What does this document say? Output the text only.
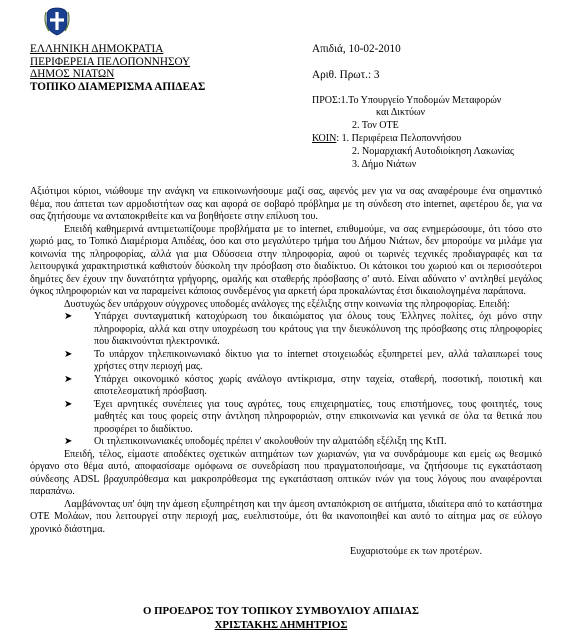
ΕΛΛΗΝΙΚΗ ΔΗΜΟΚΡΑΤΙΑ
ΠΕΡΙΦΕΡΕΙΑ ΠΕΛΟΠΟΝΝΗΣΟΥ
ΔΗΜΟΣ ΝΙΑΤΩΝ
ΤΟΠΙΚΟ ΔΙΑΜΕΡΙΣΜΑ ΑΠΙΔΕΑΣ
Απιδιά, 10-02-2010
Αριθ. Πρωτ.: 3
ΠΡΟΣ:1.Το Υπουργείο Υποδομών Μεταφορών
και Δικτύων
2. Τον ΟΤΕ
ΚΟΙΝ: 1. Περιφέρεια Πελοποννήσου
2. Νομαρχιακή Αυτοδιοίκηση Λακωνίας
3. Δήμο Νιάτων

Αξιότιμοι κύριοι, νιώθουμε την ανάγκη να επικοινωνήσουμε μαζί σας, αφενός μεν για να σας αναφέρουμε ένα σημαντικό θέμα, που άπτεται των αρμοδιοτήτων σας και αφορά σε σοβαρό πρόβλημα με τη σύνδεση στο internet, αφετέρου δε, για να σας ζητήσουμε να ανταποκριθείτε και να βοηθήσετε στην επίλυση του.

Επειδή καθημερινά αντιμετωπίζουμε προβλήματα με το internet, επιθυμούμε, να σας ενημερώσουμε, ότι τόσο στο χωριό μας, το Τοπικό Διαμέρισμα Απιδέας, όσο και στο μεγαλύτερο τμήμα του Δήμου Νιάτων, δεν μπορούμε να μιλάμε για κοινωνία της πληροφορίας, αλλά για μια Οδύσσεια στην πληροφορία, αφού οι τωρινές τεχνικές προδιαγραφές και τα λειτουργικά χαρακτηριστικά καθιστούν δύσκολη την πρόσβαση στο διαδίκτυο. Οι κάτοικοι του χωριού και οι περισσότεροι δημότες δεν έχουν την δυνατότητα γρήγορης, ομαλής και σταθερής πρόσβασης σ' αυτό. Είναι αδύνατο ν' αντληθεί μεγάλος όγκος πληροφοριών και να παραμείνει κάποιος συνδεμένος για αρκετή ώρα προκαλώντας έτσι δικαιολογημένα παράπονα.

Δυστυχώς δεν υπάρχουν σύγχρονες υποδομές ανάλογες της εξέλιξης στην κοινωνία της πληροφορίας. Επειδή:

➤	Υπάρχει συνταγματική κατοχύρωση του δικαιώματος για όλους τους Έλληνες πολίτες, όχι μόνο στην πληροφορία, αλλά και στην υποχρέωση του κράτους για την διευκόλυνση της πρόσβασης στις πληροφορίες που διακινούνται ηλεκτρονικά.
➤	Το υπάρχον τηλεπικοινωνιακό δίκτυο για το internet στοιχειωδώς εξυπηρετεί μεν, αλλά ταλαιπωρεί τους χρήστες στην περιοχή μας.
➤	Υπάρχει οικονομικό κόστος χωρίς ανάλογο αντίκρισμα, στην ταχεία, σταθερή, ποσοτική, ποιοτική και αποτελεσματική πρόσβαση.
➤	Έχει αρνητικές συνέπειες για τους αγρότες, τους επιχειρηματίες, τους επιστήμονες, τους φοιτητές, τους μαθητές και τους φορείς στην άντληση πληροφοριών, στην επικοινωνία και γενικά σε όλα τα θετικά που προσφέρει το διαδίκτυο.
➤	Οι τηλεπικοινωνιακές υποδομές πρέπει ν' ακολουθούν την αλματώδη εξέλιξη της ΚτΠ.

Επειδή, τέλος, είμαστε αποδέκτες σχετικών αιτημάτων των χωριανών, για να συνδράμουμε και εμείς ως θεσμικό όργανο στο θέμα αυτό, αποφασίσαμε ομόφωνα σε συνεδρίαση που πραγματοποιήσαμε, να ζητήσουμε τις εγκατάσταση σύνδεσης ADSL βραχυπρόθεσμα και μακροπρόθεσμα της εγκατάσταση οπτικών ινών για τους λόγους που αναφέρονται παραπάνω.

Λαμβάνοντας υπ' όψη την άμεση εξυπηρέτηση και την άμεση ανταπόκριση σε αιτήματα, ιδιαίτερα από το κατάστημα ΟΤΕ Μολάων, που λειτουργεί στην περιοχή μας, ευελπιστούμε, ότι θα ικανοποιηθεί και αυτό το αίτημα μας σε εύλογο χρονικό διάστημα.

Ευχαριστούμε εκ των προτέρων.

Ο ΠΡΟΕΔΡΟΣ ΤΟΥ ΤΟΠΙΚΟΥ ΣΥΜΒΟΥΛΙΟΥ ΑΠΙΔΙΑΣ
ΧΡΙΣΤΑΚΗΣ ΔΗΜΗΤΡΙΟΣ
